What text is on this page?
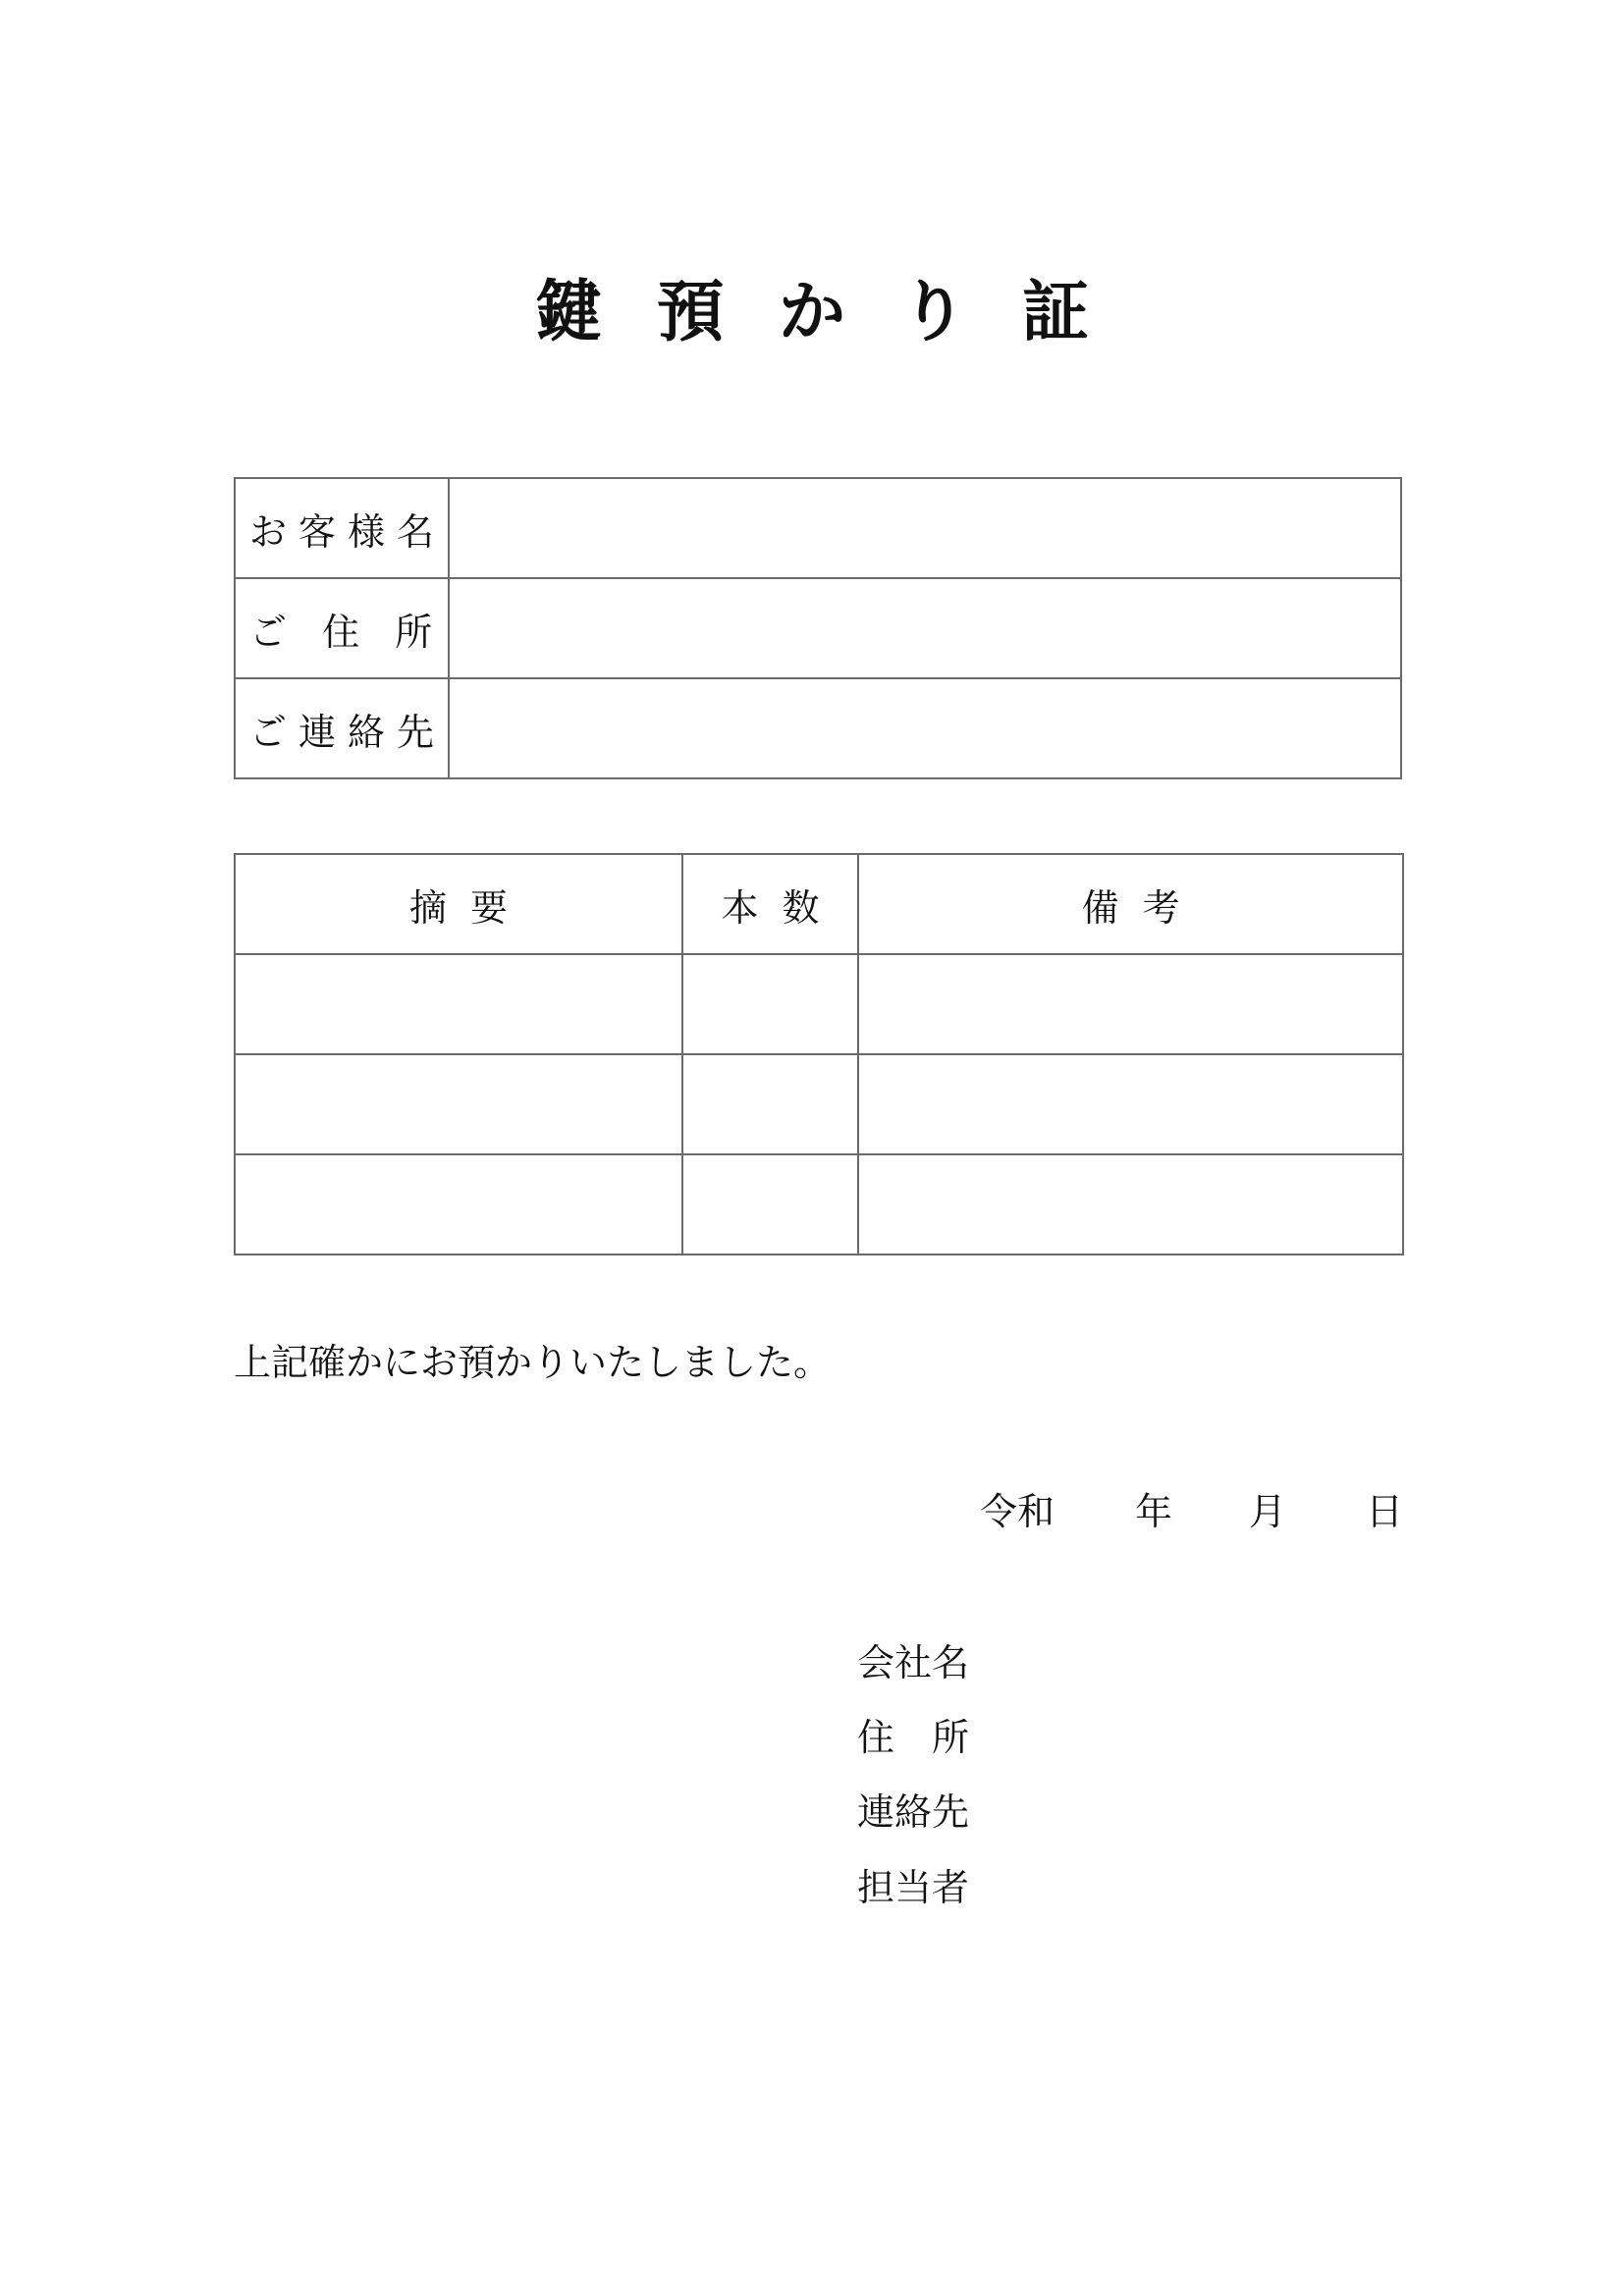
鍵預かり証
お客様名	
ご 住 所	
ご連絡先	
摘要	本数	備考

上記確かにお預かりいたしました。
令和 年 月 日
会社名
住　所
連絡先
担当者
